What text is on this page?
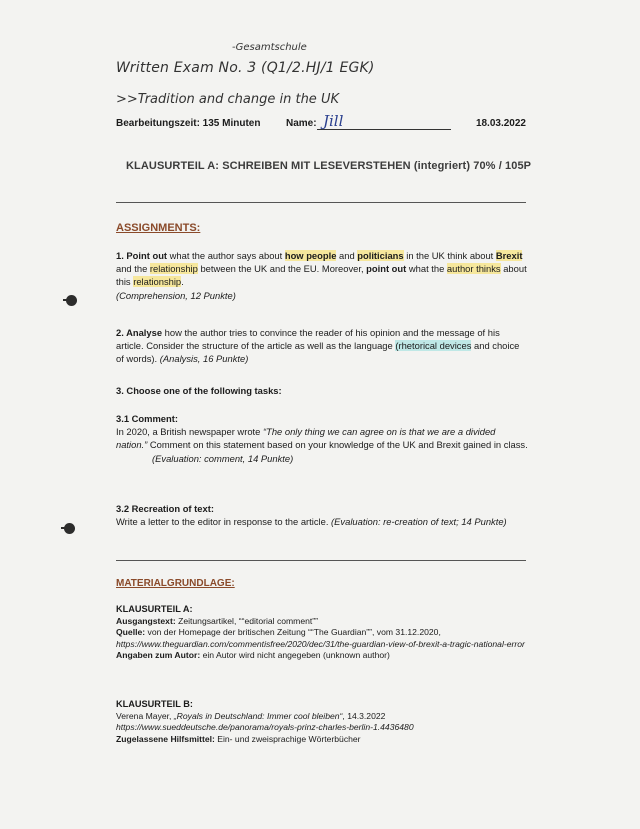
-Gesamtschule
Written Exam No. 3 (Q1/2.HJ/1 EGK)
>>Tradition and change in the UK
Bearbeitungszeit: 135 Minuten	Name: Jill	18.03.2022
KLAUSURTEIL A: SCHREIBEN MIT LESEVERSTEHEN (integriert) 70% / 105P
ASSIGNMENTS:
1. Point out what the author says about how people and politicians in the UK think about Brexit and the relationship between the UK and the EU. Moreover, point out what the author thinks about this relationship.
(Comprehension, 12 Punkte)
2. Analyse how the author tries to convince the reader of his opinion and the message of his article. Consider the structure of the article as well as the language (rhetorical devices and choice of words). (Analysis, 16 Punkte)
3. Choose one of the following tasks:
3.1 Comment:
In 2020, a British newspaper wrote “The only thing we can agree on is that we are a divided nation.” Comment on this statement based on your knowledge of the UK and Brexit gained in class. (Evaluation: comment, 14 Punkte)
3.2 Recreation of text:
Write a letter to the editor in response to the article. (Evaluation: re-creation of text; 14 Punkte)
MATERIALGRUNDLAGE:
KLAUSURTEIL A:
Ausgangstext: Zeitungsartikel, ““editorial comment””
Quelle: von der Homepage der britischen Zeitung ““The Guardian””, vom 31.12.2020,
https://www.theguardian.com/commentisfree/2020/dec/31/the-guardian-view-of-brexit-a-tragic-national-error
Angaben zum Autor: ein Autor wird nicht angegeben (unknown author)
KLAUSURTEIL B:
Verena Mayer, „Royals in Deutschland: Immer cool bleiben“, 14.3.2022
https://www.sueddeutsche.de/panorama/royals-prinz-charles-berlin-1.4436480
Zugelassene Hilfsmittel: Ein- und zweisprachige Wörterbücher
